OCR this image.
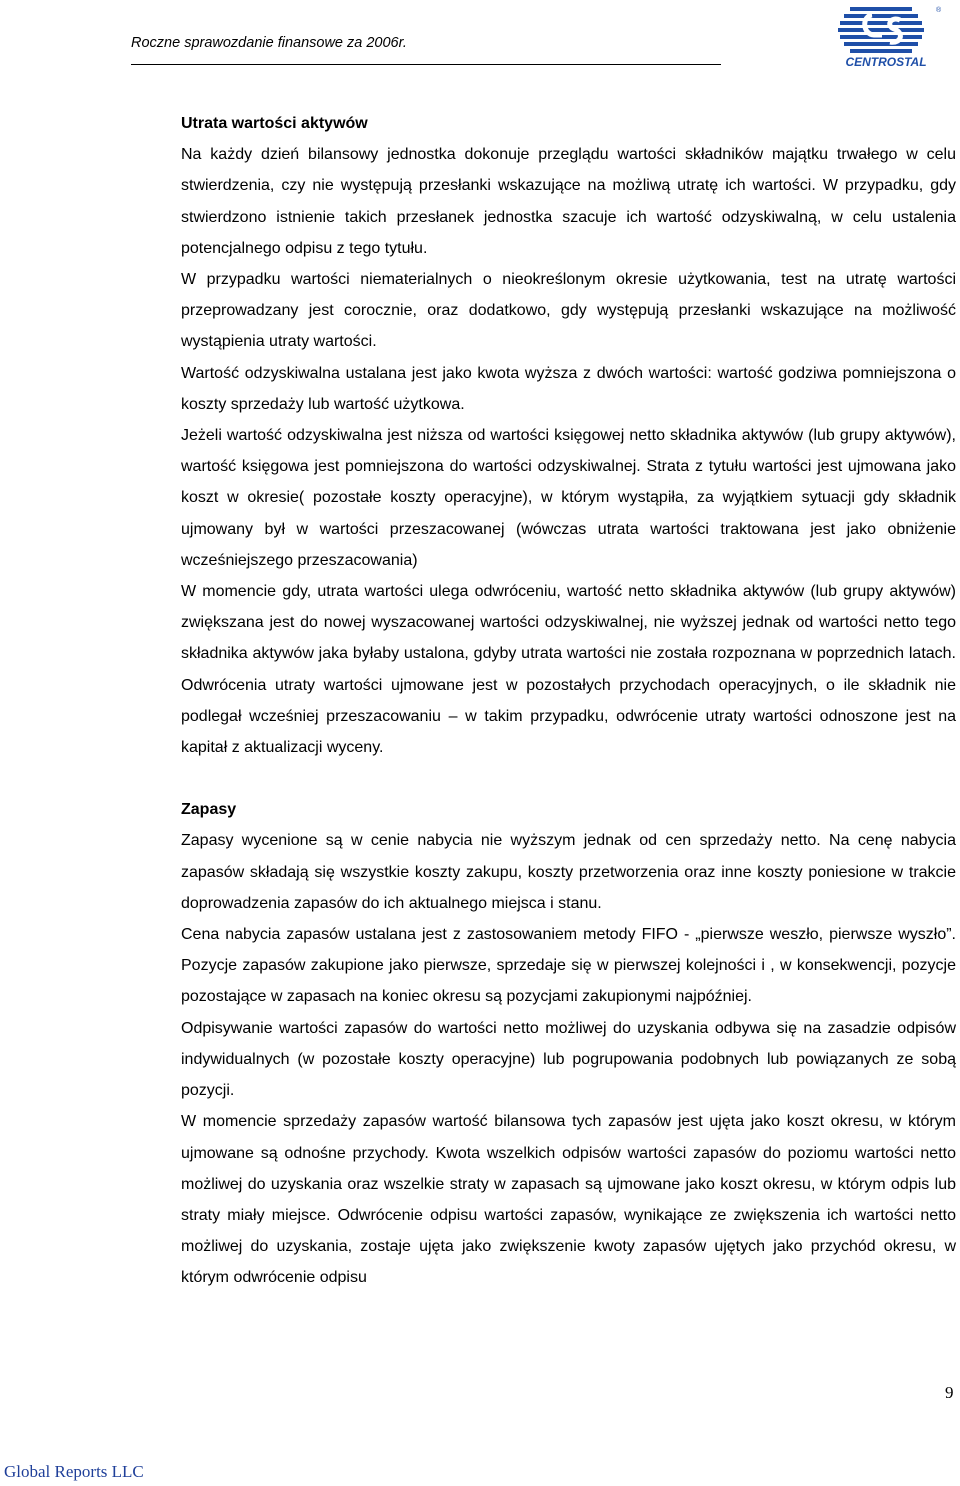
Roczne sprawozdanie finansowe za 2006r.
®
CENTROSTAL

Utrata wartości aktywów

Na każdy dzień bilansowy jednostka dokonuje przeglądu wartości składników majątku trwałego w celu stwierdzenia, czy nie występują przesłanki wskazujące na możliwą utratę ich wartości. W przypadku, gdy stwierdzono istnienie takich przesłanek jednostka szacuje ich wartość odzyskiwalną, w celu ustalenia potencjalnego odpisu z tego tytułu.

W przypadku wartości niematerialnych o nieokreślonym okresie użytkowania, test na utratę wartości przeprowadzany jest corocznie, oraz dodatkowo, gdy występują przesłanki wskazujące na możliwość wystąpienia utraty wartości.

Wartość odzyskiwalna ustalana jest jako kwota wyższa z dwóch wartości: wartość godziwa pomniejszona o koszty sprzedaży lub wartość użytkowa.

Jeżeli wartość odzyskiwalna jest niższa od wartości księgowej netto składnika aktywów (lub grupy aktywów), wartość księgowa jest pomniejszona do wartości odzyskiwalnej. Strata z tytułu wartości jest ujmowana jako koszt w okresie( pozostałe koszty operacyjne), w którym wystąpiła, za wyjątkiem sytuacji gdy składnik ujmowany był w wartości przeszacowanej (wówczas utrata wartości traktowana jest jako obniżenie wcześniejszego przeszacowania)

W momencie gdy, utrata wartości ulega odwróceniu, wartość netto składnika aktywów (lub grupy aktywów) zwiększana jest do nowej wyszacowanej wartości odzyskiwalnej, nie wyższej jednak od wartości netto tego składnika aktywów jaka byłaby ustalona, gdyby utrata wartości nie została rozpoznana w poprzednich latach. Odwrócenia utraty wartości ujmowane jest w pozostałych przychodach operacyjnych, o ile składnik nie podlegał wcześniej przeszacowaniu – w takim przypadku, odwrócenie utraty wartości odnoszone jest na kapitał z aktualizacji wyceny.

Zapasy

Zapasy wycenione są w cenie nabycia nie wyższym jednak od cen sprzedaży netto. Na cenę nabycia zapasów składają się wszystkie koszty zakupu, koszty przetworzenia oraz inne koszty poniesione w trakcie doprowadzenia zapasów do ich aktualnego miejsca i stanu.

Cena nabycia zapasów ustalana jest z zastosowaniem metody FIFO - „pierwsze weszło, pierwsze wyszło”. Pozycje zapasów zakupione jako pierwsze, sprzedaje się w pierwszej kolejności i , w konsekwencji, pozycje pozostające w zapasach na koniec okresu są pozycjami zakupionymi najpóźniej.

Odpisywanie wartości zapasów do wartości netto możliwej do uzyskania odbywa się na zasadzie odpisów indywidualnych (w pozostałe koszty operacyjne) lub pogrupowania podobnych lub powiązanych ze sobą pozycji.

W momencie sprzedaży zapasów wartość bilansowa tych zapasów jest ujęta jako koszt okresu, w którym ujmowane są odnośne przychody. Kwota wszelkich odpisów wartości zapasów do poziomu wartości netto możliwej do uzyskania oraz wszelkie straty w zapasach są ujmowane jako koszt okresu, w którym odpis lub straty miały miejsce. Odwrócenie odpisu wartości zapasów, wynikające ze zwiększenia ich wartości netto możliwej do uzyskania, zostaje ujęta jako zwiększenie kwoty zapasów ujętych jako przychód okresu, w którym odwrócenie odpisu

9
Global Reports LLC
